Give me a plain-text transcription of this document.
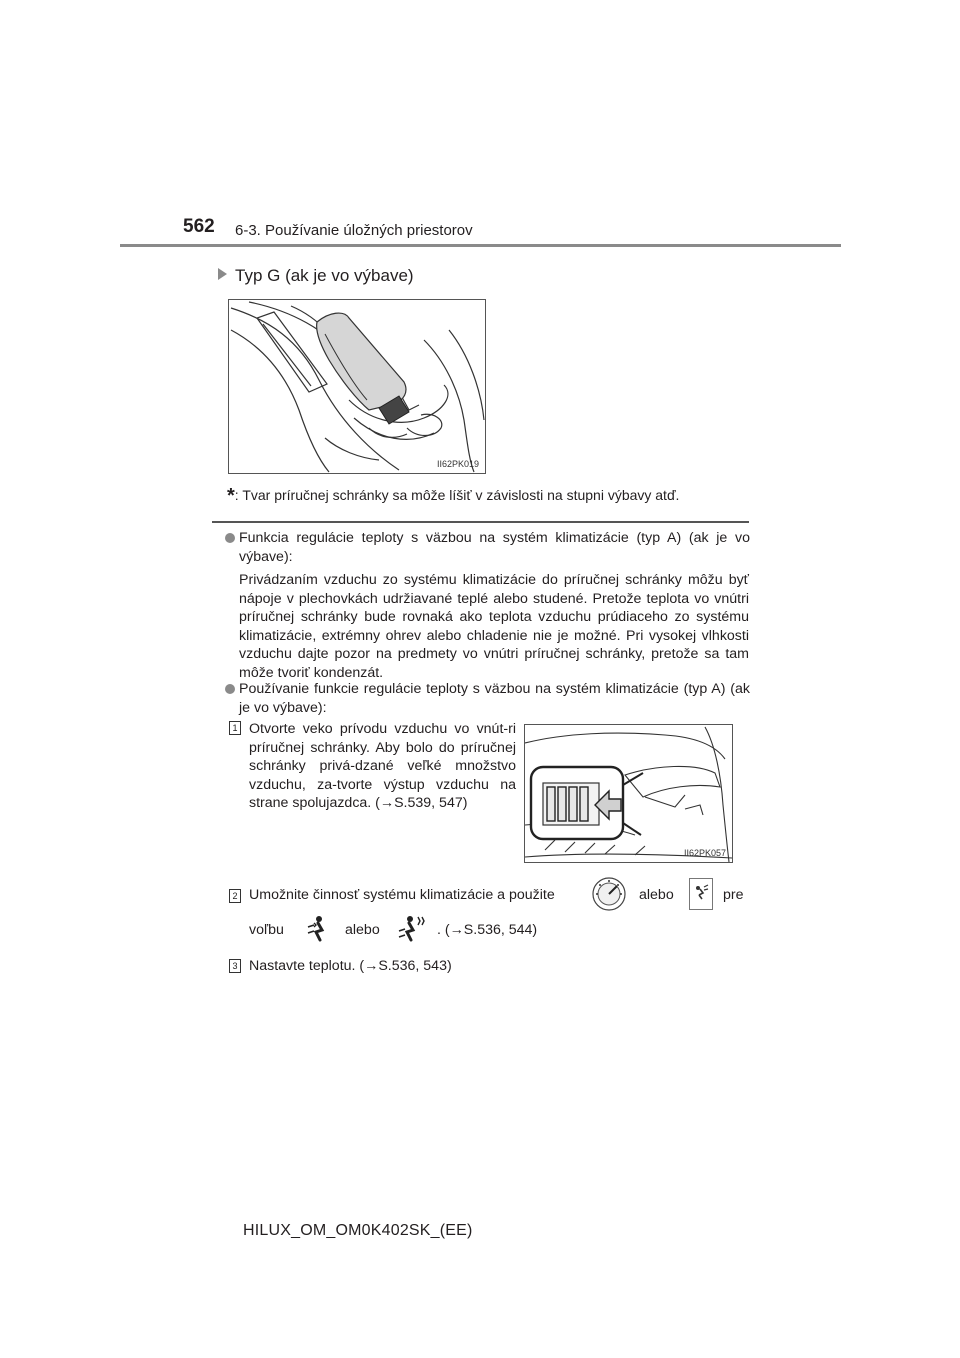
562 6-3. Používanie úložných priestorov
Typ G (ak je vo výbave)
II62PK019
*: Tvar príručnej schránky sa môže líšiť v závislosti na stupni výbavy atď.
Funkcia regulácie teploty s väzbou na systém klimatizácie (typ A) (ak je vo výbave):
Privádzaním vzduchu zo systému klimatizácie do príručnej schránky môžu byť nápoje v plechovkách udržiavané teplé alebo studené. Pretože teplota vo vnútri príručnej schránky bude rovnaká ako teplota vzduchu prúdiaceho zo systému klimatizácie, extrémny ohrev alebo chladenie nie je možné. Pri vysokej vlhkosti vzduchu dajte pozor na predmety vo vnútri príručnej schránky, pretože sa tam môže tvoriť kondenzát.
Používanie funkcie regulácie teploty s väzbou na systém klimatizácie (typ A) (ak je vo výbave):
1 Otvorte veko prívodu vzduchu vo vnút-ri príručnej schránky. Aby bolo do príručnej schránky privá-dzané veľké množstvo vzduchu, za-tvorte výstup vzduchu na strane spolujazdca. (→S.539, 547)
II62PK057
2 Umožnite činnosť systému klimatizácie a použite	alebo	pre
voľbu	alebo	. (→S.536, 544)
3 Nastavte teplotu. (→S.536, 543)
HILUX_OM_OM0K402SK_(EE)
